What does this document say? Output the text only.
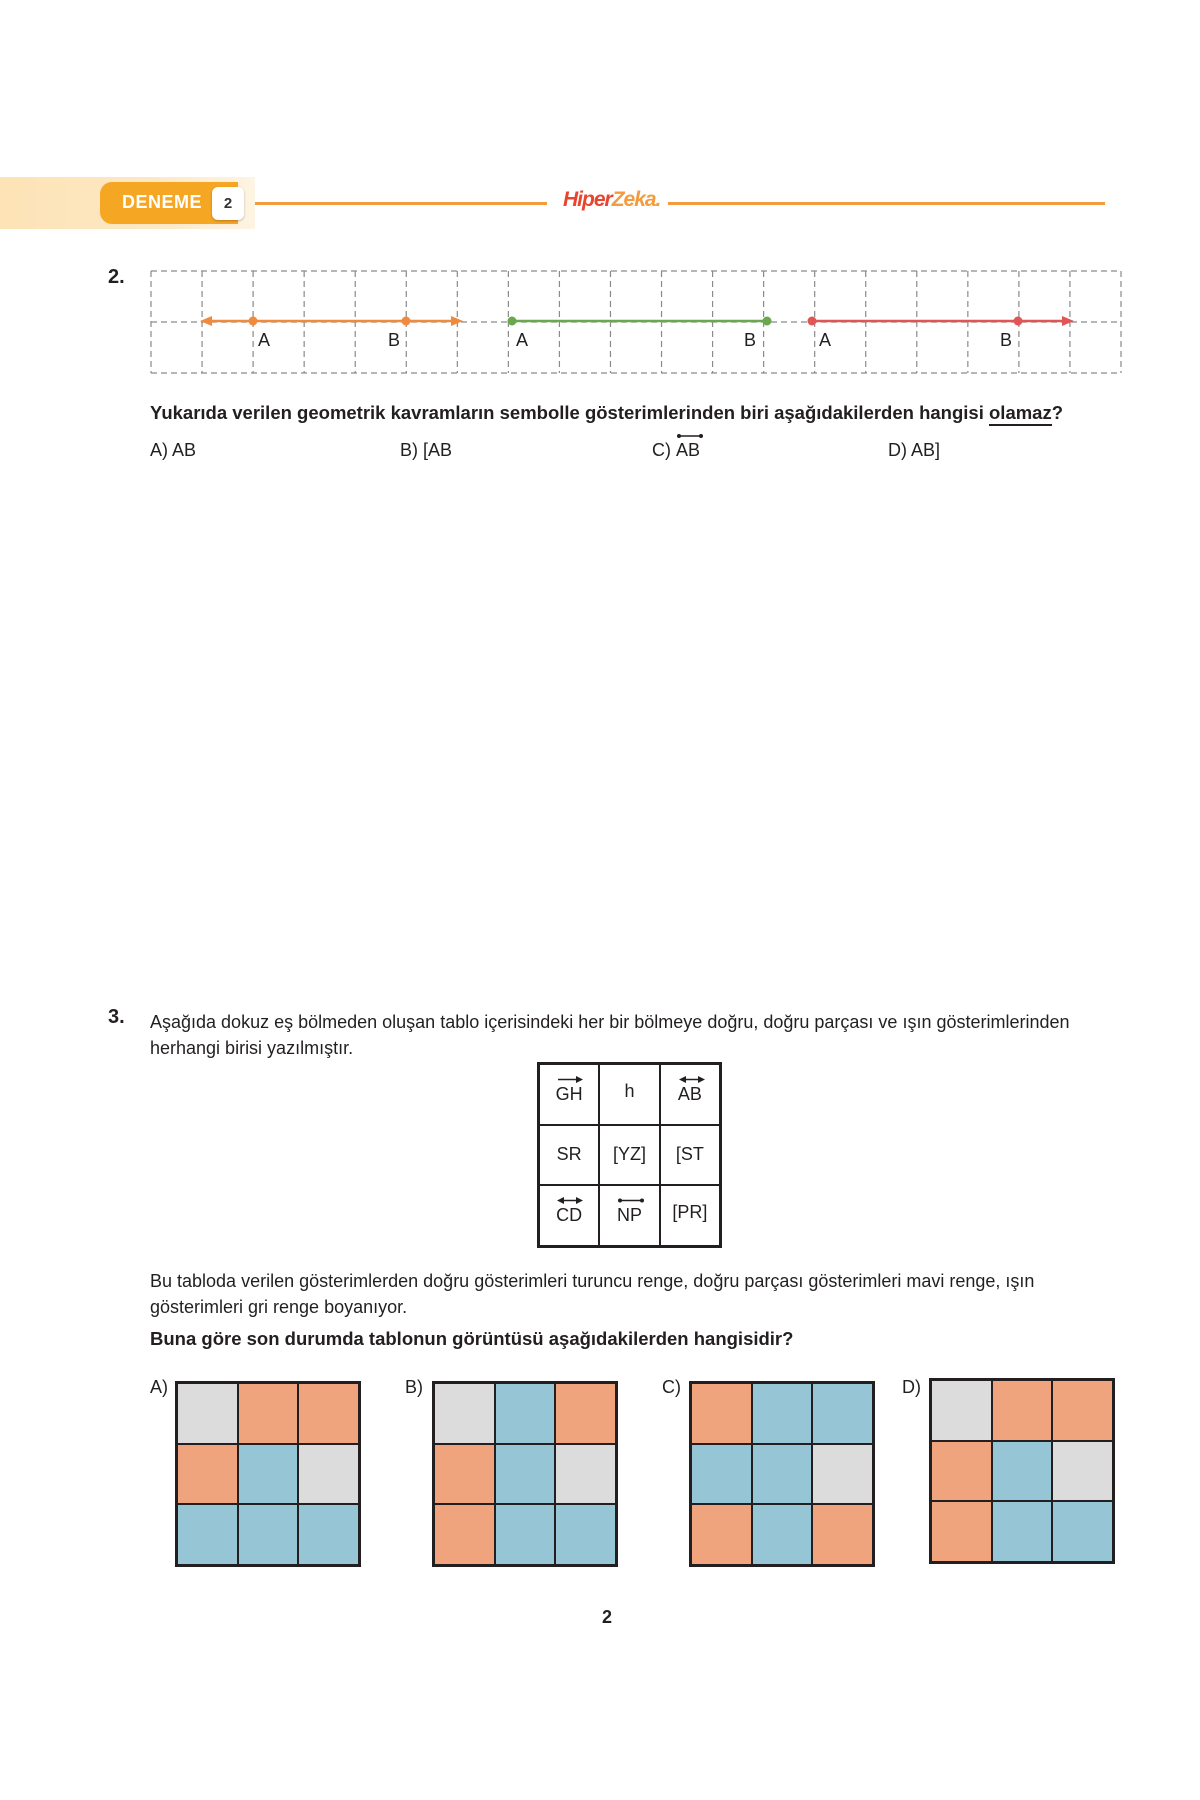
DENEME	2	HiperZeka.
2.
A	B	A	B	A	B
Yukarıda verilen geometrik kavramların sembolle gösterimlerinden biri aşağıdakilerden hangisi olamaz?
A) AB	B) [AB	C)
AB	D) AB]
3. Aşağıda dokuz eş bölmeden oluşan tablo içerisindeki her bir bölmeye doğru, doğru parçası ve ışın gösterimlerinden herhangi birisi yazılmıştır.
GH h AB
SR [YZ] [ST
CD NP [PR]
Bu tabloda verilen gösterimlerden doğru gösterimleri turuncu renge, doğru parçası gösterimleri mavi renge, ışın gösterimleri gri renge boyanıyor.
Buna göre son durumda tablonun görüntüsü aşağıdakilerden hangisidir?
A)	B)	C)	D)
2
